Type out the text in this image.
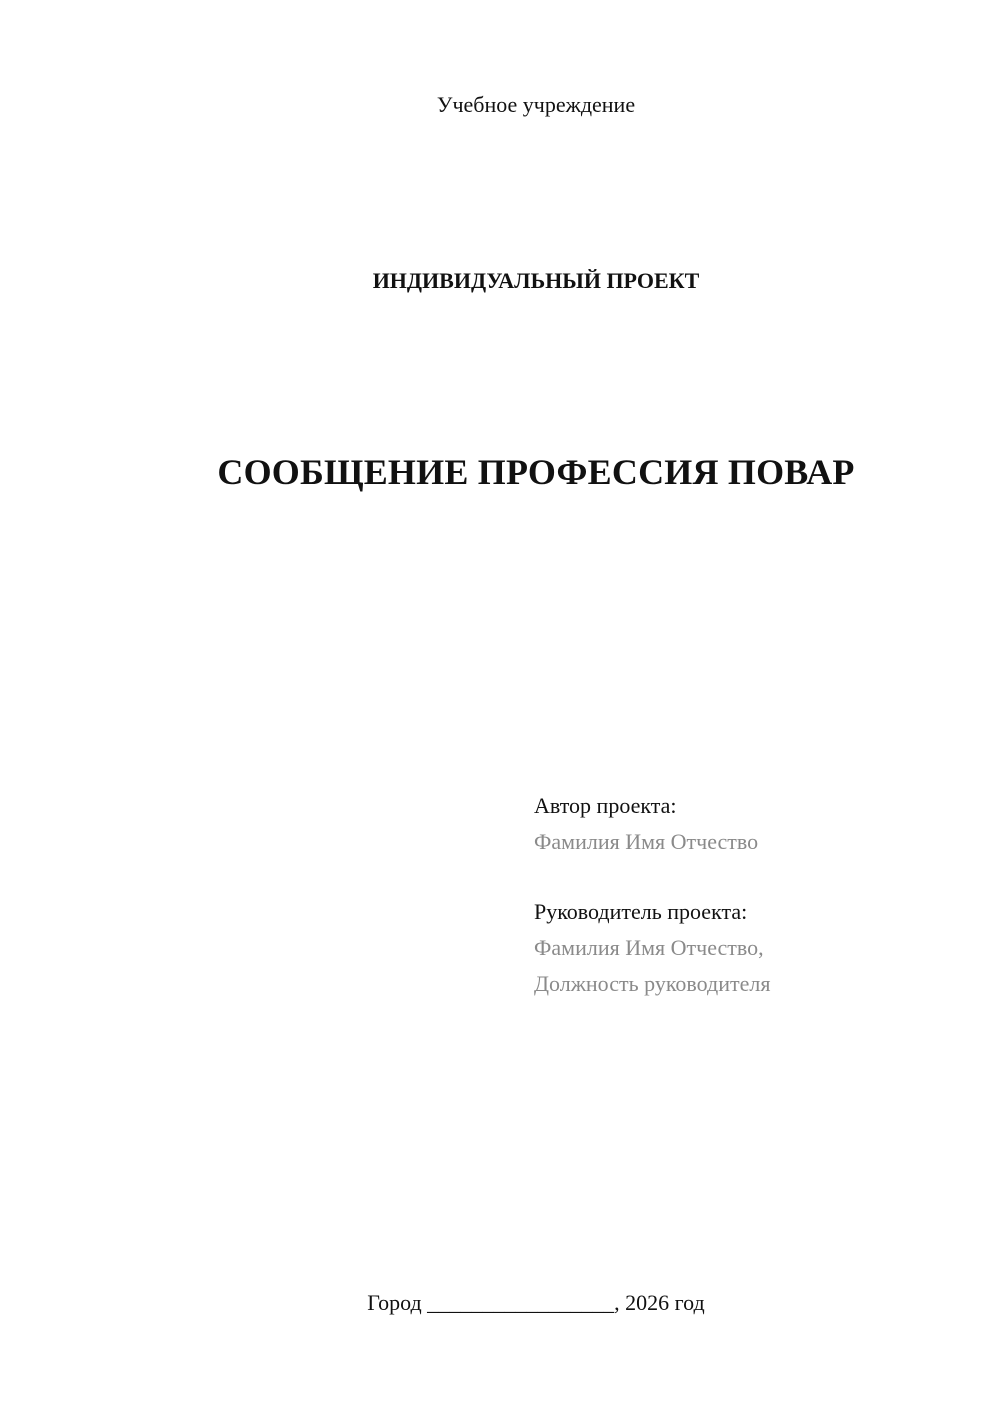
Учебное учреждение
ИНДИВИДУАЛЬНЫЙ ПРОЕКТ
СООБЩЕНИЕ ПРОФЕССИЯ ПОВАР
Автор проекта:
Фамилия Имя Отчество
Руководитель проекта:
Фамилия Имя Отчество,
Должность руководителя
Город _________________, 2026 год
